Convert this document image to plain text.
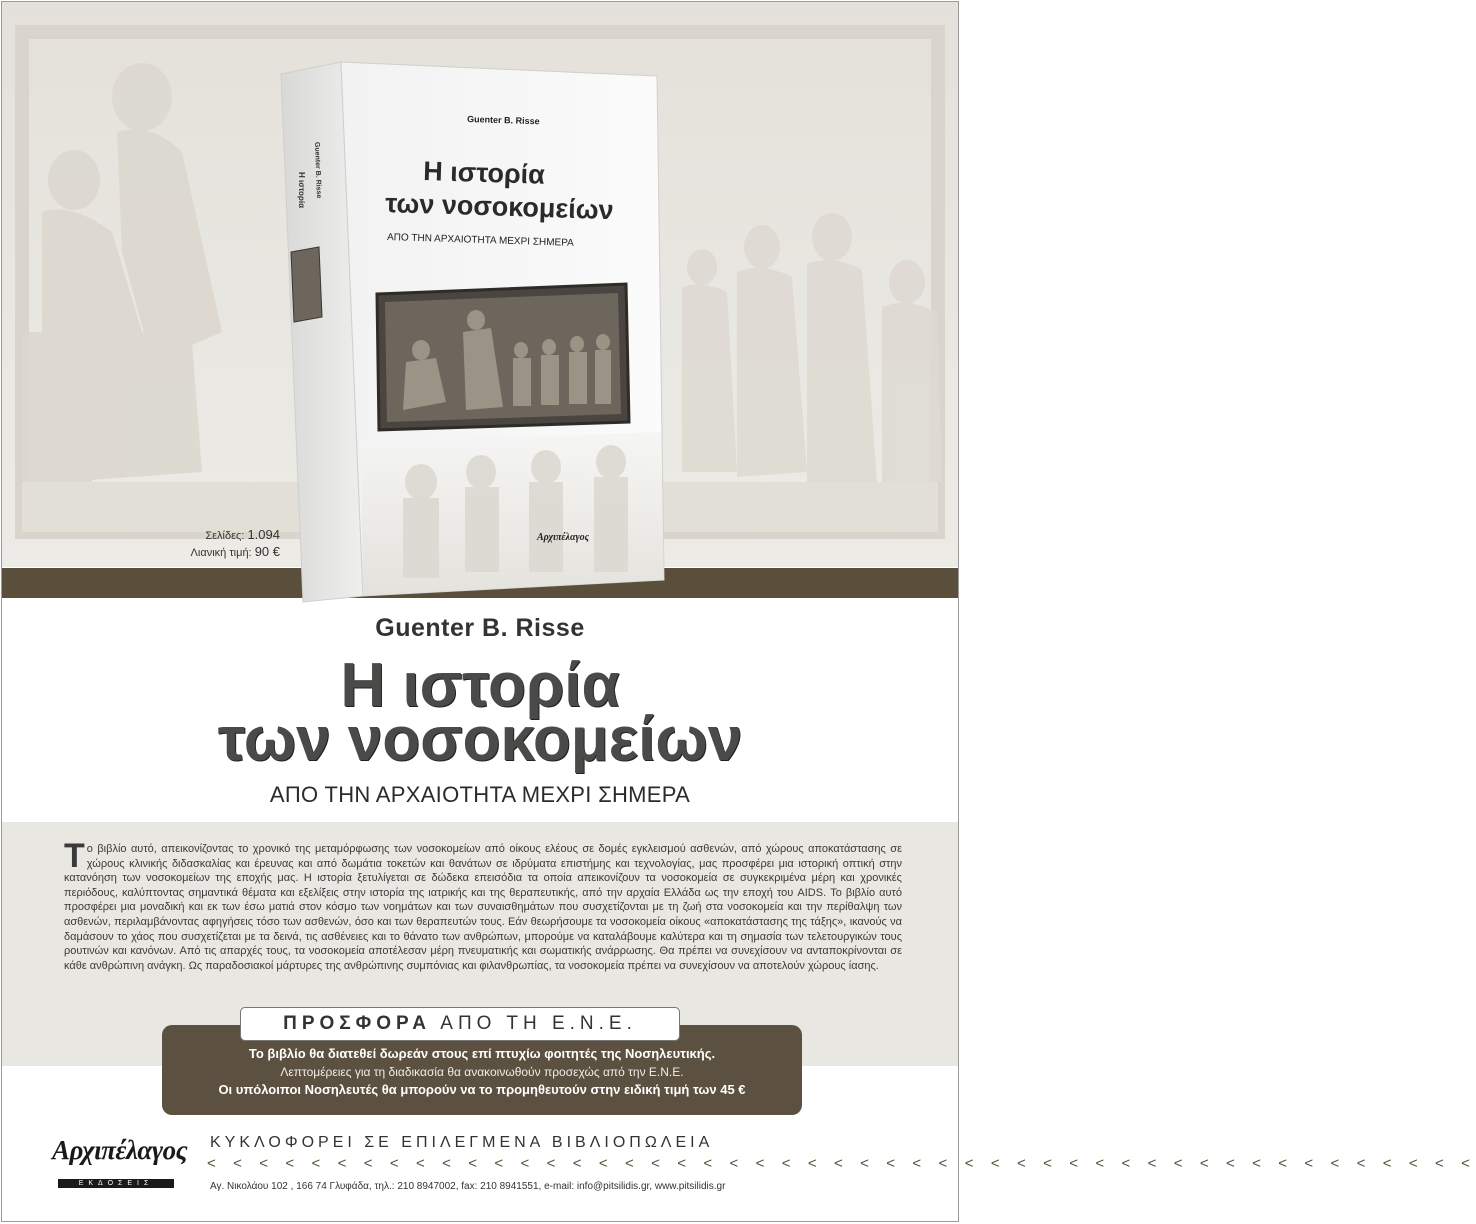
Σελίδες: 1.094
Λιανική τιμή: 90 €
Η ιστορία
Guenter B. Risse
Η ιστορία
των νοσοκομείων
ΑΠΟ ΤΗΝ ΑΡΧΑΙΟΤΗΤΑ ΜΕΧΡΙ ΣΗΜΕΡΑ
Guenter B. Risse
Αρχιπέλαγος
Guenter B. Risse
Η ιστορία
των νοσοκομείων
ΑΠΟ ΤΗΝ ΑΡΧΑΙΟΤΗΤΑ ΜΕΧΡΙ ΣΗΜΕΡΑ

Το βιβλίο αυτό, απεικονίζοντας το χρονικό της μεταμόρφωσης των νοσοκομείων από οίκους ελέους σε δομές εγκλεισμού ασθενών, από χώρους αποκατάστασης σε χώρους κλινικής διδασκαλίας και έρευνας και από δωμάτια τοκετών και θανάτων σε ιδρύματα επιστήμης και τεχνολογίας, μας προσφέρει μια ιστορική οπτική στην κατανόηση των νοσοκομείων της εποχής μας. Η ιστορία ξετυλίγεται σε δώδεκα επεισόδια τα οποία απεικονίζουν τα νοσοκομεία σε συγκεκριμένα μέρη και χρονικές περιόδους, καλύπτοντας σημαντικά θέματα και εξελίξεις στην ιστορία της ιατρικής και της θεραπευτικής, από την αρχαία Ελλάδα ως την εποχή του AIDS. Το βιβλίο αυτό προσφέρει μια μοναδική και εκ των έσω ματιά στον κόσμο των νοημάτων και των συναισθημάτων που συσχετίζονται με τη ζωή στα νοσοκομεία και την περίθαλψη των ασθενών, περιλαμβάνοντας αφηγήσεις τόσο των ασθενών, όσο και των θεραπευτών τους. Εάν θεωρήσουμε τα νοσοκομεία οίκους «αποκατάστασης της τάξης», ικανούς να δαμάσουν το χάος που συσχετίζεται με τα δεινά, τις ασθένειες και το θάνατο των ανθρώπων, μπορούμε να καταλάβουμε καλύτερα και τη σημασία των τελετουργικών τους ρουτινών και κανόνων. Από τις απαρχές τους, τα νοσοκομεία αποτέλεσαν μέρη πνευματικής και σωματικής ανάρρωσης. Θα πρέπει να συνεχίσουν να ανταποκρίνονται σε κάθε ανθρώπινη ανάγκη. Ως παραδοσιακοί μάρτυρες της ανθρώπινης συμπόνιας και φιλανθρωπίας, τα νοσοκομεία πρέπει να συνεχίσουν να αποτελούν χώρους ίασης.

Το βιβλίο θα διατεθεί δωρεάν στους επί πτυχίω φοιτητές της Νοσηλευτικής.
Λεπτομέρειες για τη διαδικασία θα ανακοινωθούν προσεχώς από την Ε.Ν.Ε.
Οι υπόλοιποι Νοσηλευτές θα μπορούν να το προμηθευτούν στην ειδική τιμή των 45 €
ΠΡΟΣΦΟΡΑ ΑΠΟ ΤΗ Ε.Ν.Ε.
Αρχιπέλαγος
ΕΚΔΟΣΕΙΣ
ΚΥΚΛΟΦΟΡΕΙ ΣΕ ΕΠΙΛΕΓΜΕΝΑ ΒΙΒΛΙΟΠΩΛΕΙΑ
< < < < < < < < < < < < < < < < < < < < < < < < < < < < < < < < < < < < < < < < < < < < < < < < <
Αγ. Νικολάου 102 , 166 74 Γλυφάδα, τηλ.: 210 8947002, fax: 210 8941551, e-mail: info@pitsilidis.gr, www.pitsilidis.gr
